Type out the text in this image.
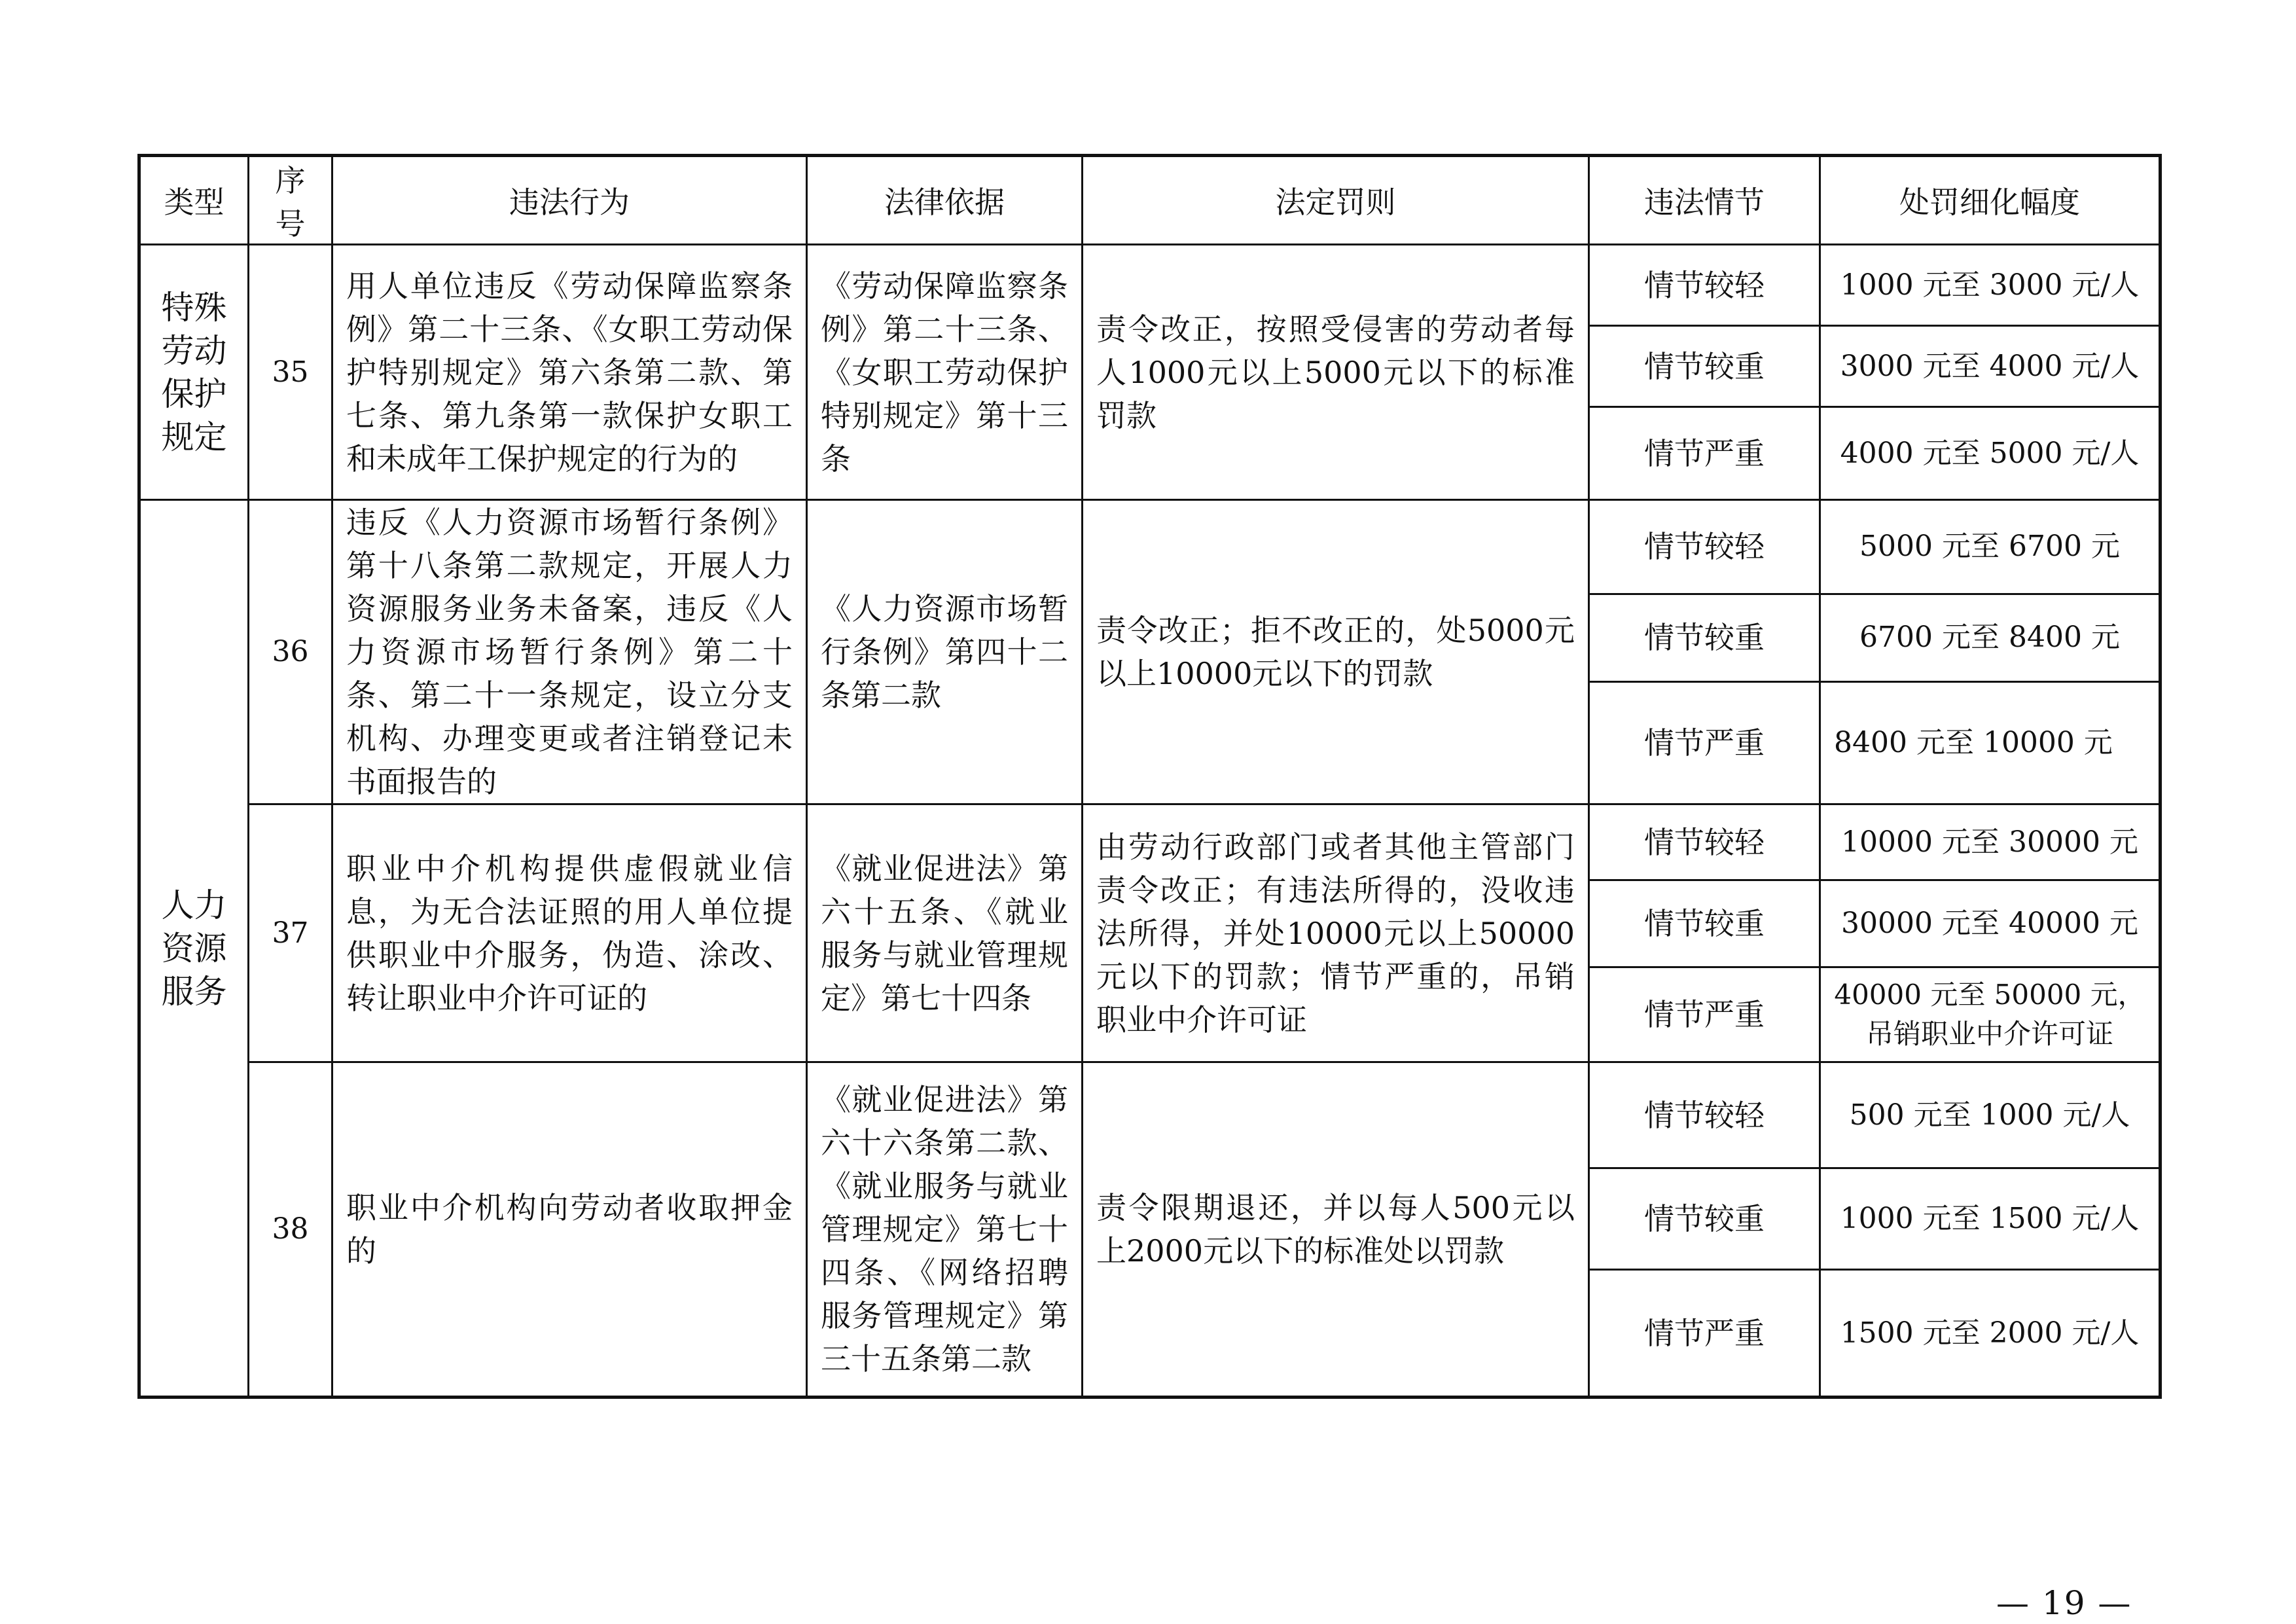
类型	序号	违法行为	法律依据	法定罚则	违法情节	处罚细化幅度

特殊劳动保护规定	35	用人单位违反《劳动保障监察条例》第二十三条、《女职工劳动保护特别规定》第六条第二款、第七条、第九条第一款保护女职工和未成年工保护规定的行为的	《劳动保障监察条例》第二十三条、《女职工劳动保护特别规定》第十三条	责令改正，按照受侵害的劳动者每人1000元以上5000元以下的标准罚款	情节较轻	1000 元至 3000 元/人
					情节较重	3000 元至 4000 元/人
					情节严重	4000 元至 5000 元/人

人力资源服务	36	违反《人力资源市场暂行条例》第十八条第二款规定，开展人力资源服务业务未备案，违反《人力资源市场暂行条例》第二十条、第二十一条规定，设立分支机构、办理变更或者注销登记未书面报告的	《人力资源市场暂行条例》第四十二条第二款	责令改正；拒不改正的，处5000元以上10000元以下的罚款	情节较轻	5000 元至 6700 元
					情节较重	6700 元至 8400 元
					情节严重	8400 元至 10000 元
	37	职业中介机构提供虚假就业信息，为无合法证照的用人单位提供职业中介服务，伪造、涂改、转让职业中介许可证的	《就业促进法》第六十五条、《就业服务与就业管理规定》第七十四条	由劳动行政部门或者其他主管部门责令改正；有违法所得的，没收违法所得，并处10000元以上50000元以下的罚款；情节严重的，吊销职业中介许可证	情节较轻	10000 元至 30000 元
					情节较重	30000 元至 40000 元
					情节严重	40000 元至 50000 元，吊销职业中介许可证
	38	职业中介机构向劳动者收取押金的	《就业促进法》第六十六条第二款、《就业服务与就业管理规定》第七十四条、《网络招聘服务管理规定》第三十五条第二款	责令限期退还，并以每人500元以上2000元以下的标准处以罚款	情节较轻	500 元至 1000 元/人
					情节较重	1000 元至 1500 元/人
					情节严重	1500 元至 2000 元/人
— 19 —
